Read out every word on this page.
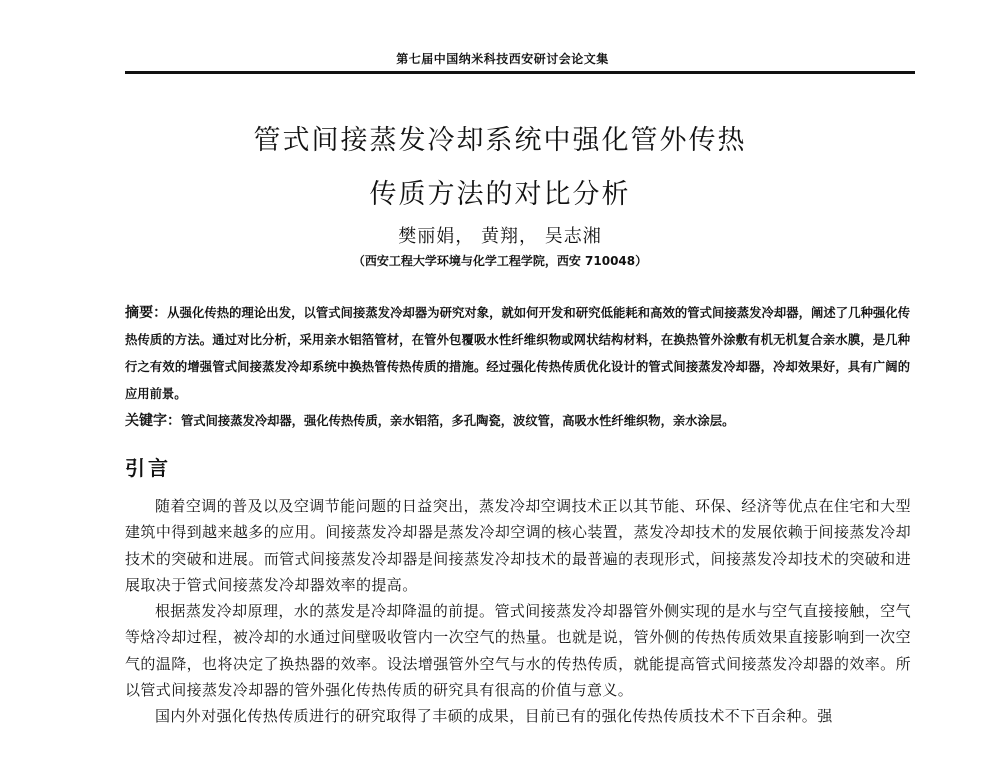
第七届中国纳米科技西安研讨会论文集
管式间接蒸发冷却系统中强化管外传热
传质方法的对比分析
樊丽娟， 黄翔， 吴志湘
（西安工程大学环境与化学工程学院，西安 710048）
摘要：从强化传热的理论出发，以管式间接蒸发冷却器为研究对象，就如何开发和研究低能耗和高效的管式间接蒸发冷却器，阐述了几种强化传热传质的方法。通过对比分析，采用亲水铝箔管材，在管外包覆吸水性纤维织物或网状结构材料，在换热管外涂敷有机无机复合亲水膜，是几种行之有效的增强管式间接蒸发冷却系统中换热管传热传质的措施。经过强化传热传质优化设计的管式间接蒸发冷却器，冷却效果好，具有广阔的应用前景。
关键字：管式间接蒸发冷却器，强化传热传质，亲水铝箔，多孔陶瓷，波纹管，高吸水性纤维织物，亲水涂层。
引言

随着空调的普及以及空调节能问题的日益突出，蒸发冷却空调技术正以其节能、环保、经济等优点在住宅和大型建筑中得到越来越多的应用。间接蒸发冷却器是蒸发冷却空调的核心装置，蒸发冷却技术的发展依赖于间接蒸发冷却技术的突破和进展。而管式间接蒸发冷却器是间接蒸发冷却技术的最普遍的表现形式，间接蒸发冷却技术的突破和进展取决于管式间接蒸发冷却器效率的提高。

根据蒸发冷却原理，水的蒸发是冷却降温的前提。管式间接蒸发冷却器管外侧实现的是水与空气直接接触，空气等焓冷却过程，被冷却的水通过间壁吸收管内一次空气的热量。也就是说，管外侧的传热传质效果直接影响到一次空气的温降，也将决定了换热器的效率。设法增强管外空气与水的传热传质，就能提高管式间接蒸发冷却器的效率。所以管式间接蒸发冷却器的管外强化传热传质的研究具有很高的价值与意义。

国内外对强化传热传质进行的研究取得了丰硕的成果，目前已有的强化传热传质技术不下百余种。强
